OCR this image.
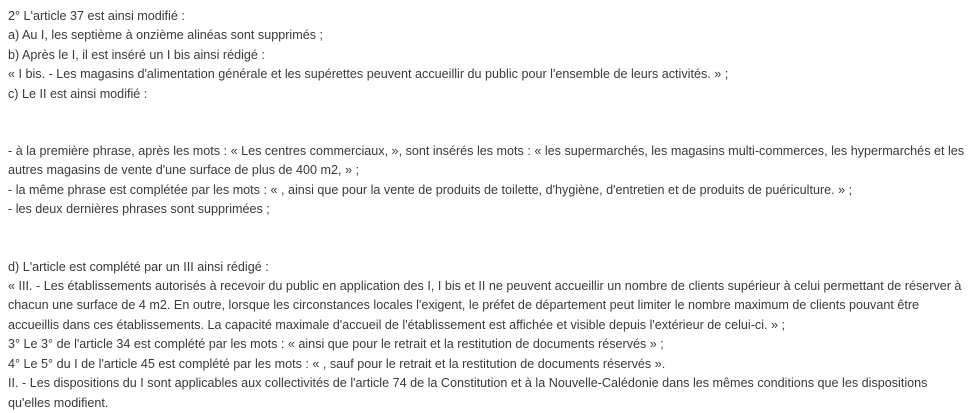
2° L'article 37 est ainsi modifié :

a) Au I, les septième à onzième alinéas sont supprimés ;

b) Après le I, il est inséré un I bis ainsi rédigé :

« I bis. - Les magasins d'alimentation générale et les supérettes peuvent accueillir du public pour l'ensemble de leurs activités. » ;

c) Le II est ainsi modifié :

- à la première phrase, après les mots : « Les centres commerciaux, », sont insérés les mots : « les supermarchés, les magasins multi-commerces, les hypermarchés et les autres magasins de vente d'une surface de plus de 400 m2, » ;

- la même phrase est complétée par les mots : « , ainsi que pour la vente de produits de toilette, d'hygiène, d'entretien et de produits de puériculture. » ;

- les deux dernières phrases sont supprimées ;

d) L'article est complété par un III ainsi rédigé :

« III. - Les établissements autorisés à recevoir du public en application des I, I bis et II ne peuvent accueillir un nombre de clients supérieur à celui permettant de réserver à chacun une surface de 4 m2. En outre, lorsque les circonstances locales l'exigent, le préfet de département peut limiter le nombre maximum de clients pouvant être accueillis dans ces établissements. La capacité maximale d'accueil de l'établissement est affichée et visible depuis l'extérieur de celui-ci. » ;

3° Le 3° de l'article 34 est complété par les mots : « ainsi que pour le retrait et la restitution de documents réservés » ;

4° Le 5° du I de l'article 45 est complété par les mots : « , sauf pour le retrait et la restitution de documents réservés ».

II. - Les dispositions du I sont applicables aux collectivités de l'article 74 de la Constitution et à la Nouvelle-Calédonie dans les mêmes conditions que les dispositions qu'elles modifient.
